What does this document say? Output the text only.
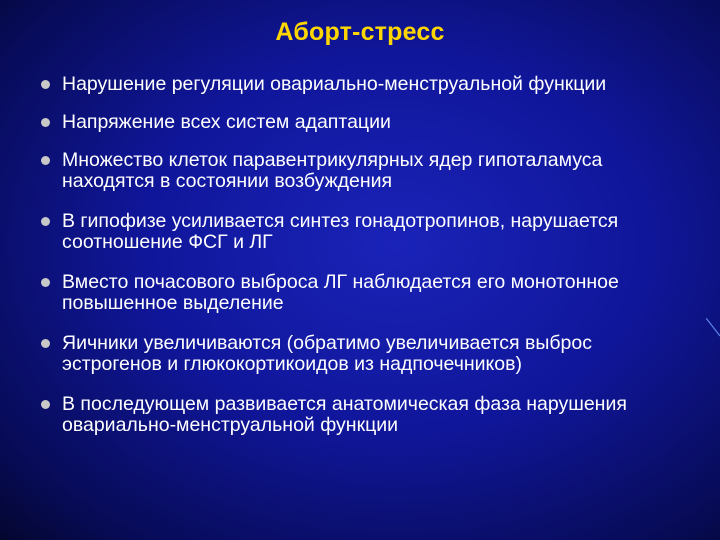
Аборт-стресс
Нарушение регуляции овариально-менструальной функции
Напряжение всех систем адаптации
Множество клеток паравентрикулярных ядер гипоталамуса находятся в состоянии возбуждения
В гипофизе усиливается синтез гонадотропинов, нарушается соотношение ФСГ и ЛГ
Вместо почасового выброса ЛГ наблюдается его монотонное повышенное выделение
Яичники увеличиваются (обратимо увеличивается выброс эстрогенов и глюкокортикоидов из надпочечников)
В последующем развивается анатомическая фаза нарушения овариально-менструальной функции
